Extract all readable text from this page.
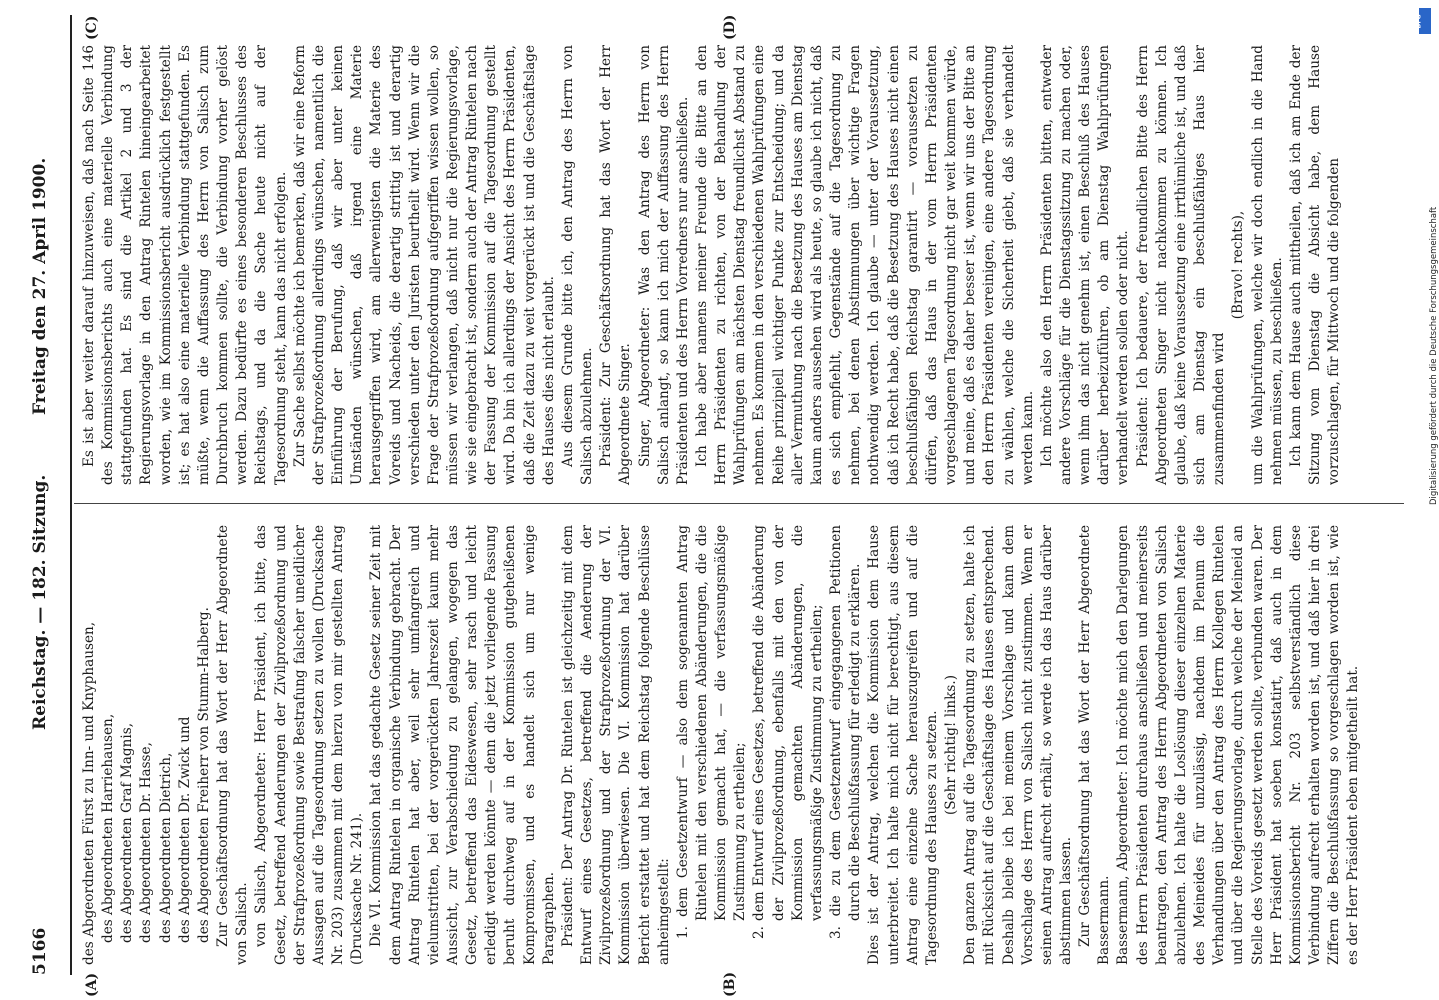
5166
Reichstag. — 182. Sitzung.
Freitag den 27. April 1900.
(A)	(B)
(C)	(D)

des Abgeordneten Fürst zu Inn- und Knyphausen, des Abgeordneten Harriehausen, des Abgeordneten Graf Magnis, des Abgeordneten Dr. Hasse, des Abgeordneten Dietrich, des Abgeordneten Dr. Zwick und des Abgeordneten Freiherr von Stumm-Halberg. Zur Geschäftsordnung hat das Wort der Herr Abgeordnete von Salisch. von Salisch, Abgeordneter: Herr Präsident, ich bitte, das Gesetz, betreffend Aenderungen der Zivilprozeßordnung und der Strafprozeßordnung sowie Bestrafung falscher uneidlicher Aussagen auf die Tagesordnung setzen zu wollen (Drucksache Nr. 203) zusammen mit dem hierzu von mir gestellten Antrag (Drucksache Nr. 241). Die VI. Kommission hat das gedachte Gesetz seiner Zeit mit dem Antrag Rintelen in organische Verbindung gebracht. Der Antrag Rintelen hat aber, weil sehr umfangreich und vielumstritten, bei der vorgerückten Jahreszeit kaum mehr Aussicht, zur Verabschiedung zu gelangen, wogegen das Gesetz, betreffend das Eideswesen, sehr rasch und leicht erledigt werden könnte — denn die jetzt vorliegende Fassung beruht durchweg auf in der Kommission gutgeheißenen Kompromissen, und es handelt sich um nur wenige Paragraphen. Präsident: Der Antrag Dr. Rintelen ist gleichzeitig mit dem Entwurf eines Gesetzes, betreffend die Aenderung der Zivilprozeßordnung und der Strafprozeßordnung der VI. Kommission überwiesen. Die VI. Kommission hat darüber Bericht erstattet und hat dem Reichstag folgende Beschlüsse anheimgestellt: 1. dem Gesetzentwurf — also dem sogenannten Antrag Rintelen mit den verschiedenen Abänderungen, die die Kommission gemacht hat, — die verfassungsmäßige Zustimmung zu ertheilen; 2. dem Entwurf eines Gesetzes, betreffend die Abänderung der Zivilprozeßordnung, ebenfalls mit den von der Kommission gemachten Abänderungen, die verfassungsmäßige Zustimmung zu ertheilen; 3. die zu dem Gesetzentwurf eingegangenen Petitionen durch die Beschlußfassung für erledigt zu erklären. Dies ist der Antrag, welchen die Kommission dem Hause unterbreitet. Ich halte mich nicht für berechtigt, aus diesem Antrag eine einzelne Sache herauszugreifen und auf die Tagesordnung des Hauses zu setzen. (Sehr richtig! links.) Den ganzen Antrag auf die Tagesordnung zu setzen, halte ich mit Rücksicht auf die Geschäftslage des Hauses entsprechend. Deshalb bleibe ich bei meinem Vorschlage und kann dem Vorschlage des Herrn von Salisch nicht zustimmen. Wenn er seinen Antrag aufrecht erhält, so werde ich das Haus darüber abstimmen lassen. Zur Geschäftsordnung hat das Wort der Herr Abgeordnete Bassermann. Bassermann, Abgeordneter: Ich möchte mich den Darlegungen des Herrn Präsidenten durchaus anschließen und meinerseits beantragen, den Antrag des Herrn Abgeordneten von Salisch abzulehnen. Ich halte die Loslösung dieser einzelnen Materie des Meineides für unzulässig, nachdem im Plenum die Verhandlungen über den Antrag des Herrn Kollegen Rintelen und über die Regierungsvorlage, durch welche der Meineid an Stelle des Voreids gesetzt werden sollte, verbunden waren. Der Herr Präsident hat soeben konstatirt, daß auch in dem Kommissionsbericht Nr. 203 selbstverständlich diese Verbindung aufrecht erhalten worden ist, und daß hier in drei Ziffern die Beschlußfassung so vorgeschlagen worden ist, wie es der Herr Präsident eben mitgetheilt hat.

Es ist aber weiter darauf hinzuweisen, daß nach Seite 146 des Kommissionsberichts auch eine materielle Verbindung stattgefunden hat. Es sind die Artikel 2 und 3 der Regierungsvorlage in den Antrag Rintelen hineingearbeitet worden, wie im Kommissionsbericht ausdrücklich festgestellt ist; es hat also eine materielle Verbindung stattgefunden. Es müßte, wenn die Auffassung des Herrn von Salisch zum Durchbruch kommen sollte, die Verbindung vorher gelöst werden. Dazu bedürfte es eines besonderen Beschlusses des Reichstags, und da die Sache heute nicht auf der Tagesordnung steht, kann das nicht erfolgen. Zur Sache selbst möchte ich bemerken, daß wir eine Reform der Strafprozeßordnung allerdings wünschen, namentlich die Einführung der Berufung, daß wir aber unter keinen Umständen wünschen, daß irgend eine Materie herausgegriffen wird, am allerwenigsten die Materie des Voreids und Nacheids, die derartig strittig ist und derartig verschieden unter den Juristen beurtheilt wird. Wenn wir die Frage der Strafprozeßordnung aufgegriffen wissen wollen, so müssen wir verlangen, daß nicht nur die Regierungsvorlage, wie sie eingebracht ist, sondern auch der Antrag Rintelen nach der Fassung der Kommission auf die Tagesordnung gestellt wird. Da bin ich allerdings der Ansicht des Herrn Präsidenten, daß die Zeit dazu zu weit vorgerückt ist und die Geschäftslage des Hauses dies nicht erlaubt. Aus diesem Grunde bitte ich, den Antrag des Herrn von Salisch abzulehnen. Präsident: Zur Geschäftsordnung hat das Wort der Herr Abgeordnete Singer. Singer, Abgeordneter: Was den Antrag des Herrn von Salisch anlangt, so kann ich mich der Auffassung des Herrn Präsidenten und des Herrn Vorredners nur anschließen. Ich habe aber namens meiner Freunde die Bitte an den Herrn Präsidenten zu richten, von der Behandlung der Wahlprüfungen am nächsten Dienstag freundlichst Abstand zu nehmen. Es kommen in den verschiedenen Wahlprüfungen eine Reihe prinzipiell wichtiger Punkte zur Entscheidung; und da aller Vermuthung nach die Besetzung des Hauses am Dienstag kaum anders aussehen wird als heute, so glaube ich nicht, daß es sich empfiehlt, Gegenstände auf die Tagesordnung zu nehmen, bei denen Abstimmungen über wichtige Fragen nothwendig werden. Ich glaube — unter der Voraussetzung, daß ich Recht habe, daß die Besetzung des Hauses nicht einen beschlußfähigen Reichstag garantirt — voraussetzen zu dürfen, daß das Haus in der vom Herrn Präsidenten vorgeschlagenen Tagesordnung nicht gar weit kommen würde, und meine, daß es daher besser ist, wenn wir uns der Bitte an den Herrn Präsidenten vereinigen, eine andere Tagesordnung zu wählen, welche die Sicherheit giebt, daß sie verhandelt werden kann. Ich möchte also den Herrn Präsidenten bitten, entweder andere Vorschläge für die Dienstagssitzung zu machen oder, wenn ihm das nicht genehm ist, einen Beschluß des Hauses darüber herbeizuführen, ob am Dienstag Wahlprüfungen verhandelt werden sollen oder nicht. Präsident: Ich bedauere, der freundlichen Bitte des Herrn Abgeordneten Singer nicht nachkommen zu können. Ich glaube, daß keine Voraussetzung eine irrthümliche ist, und daß sich am Dienstag ein beschlußfähiges Haus hier zusammenfinden wird

(Bravo! rechts), um die Wahlprüfungen, welche wir doch endlich in die Hand nehmen müssen, zu beschließen. Ich kann dem Hause auch mittheilen, daß ich am Ende der Sitzung vom Dienstag die Absicht habe, dem Hause vorzuschlagen, für Mittwoch und die folgenden

DFG
Digitalisierung gefördert durch die Deutsche Forschungsgemeinschaft
